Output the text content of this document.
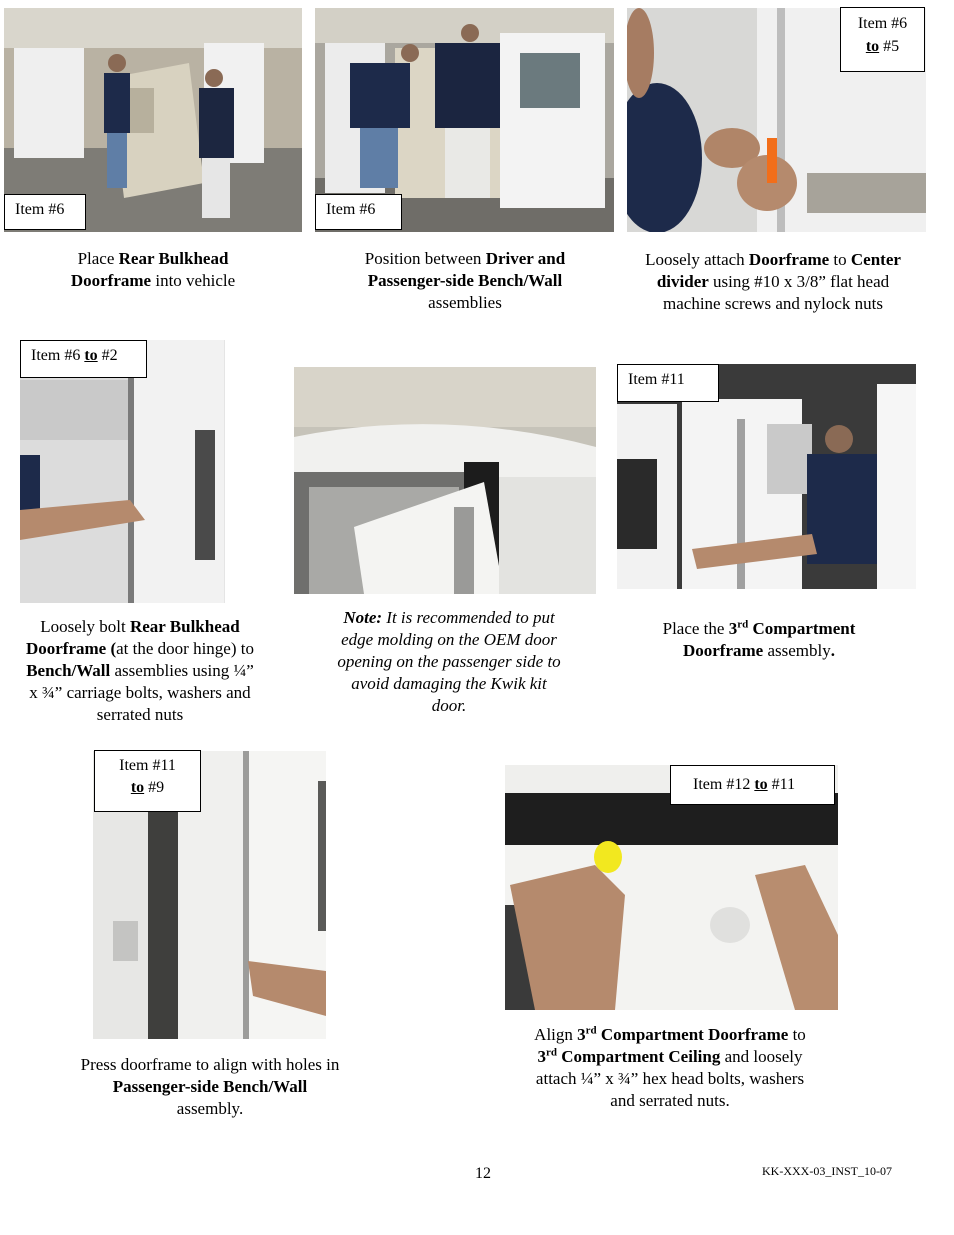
Item #6	Item #6
Item #6
to #5
Place Rear Bulkhead
Doorframe into vehicle
Position between Driver and
Passenger-side Bench/Wall
assemblies
Loosely attach Doorframe to Center
divider using #10 x 3/8” flat head
machine screws and nylock nuts
Item #6 to #2
Item #11
Loosely bolt Rear Bulkhead
Doorframe (at the door hinge) to
Bench/Wall assemblies using ¼”
x ¾” carriage bolts, washers and
serrated nuts
Note: It is recommended to put
edge molding on the OEM door
opening on the passenger side to
avoid damaging the Kwik kit
door.
Place the 3rd Compartment
Doorframe assembly.
Item #11
to #9	Item #12 to #11
Press doorframe to align with holes in
Passenger-side Bench/Wall
assembly.
Align 3rd Compartment Doorframe to
3rd Compartment Ceiling and loosely
attach ¼” x ¾” hex head bolts, washers
and serrated nuts.
12	KK-XXX-03_INST_10-07
